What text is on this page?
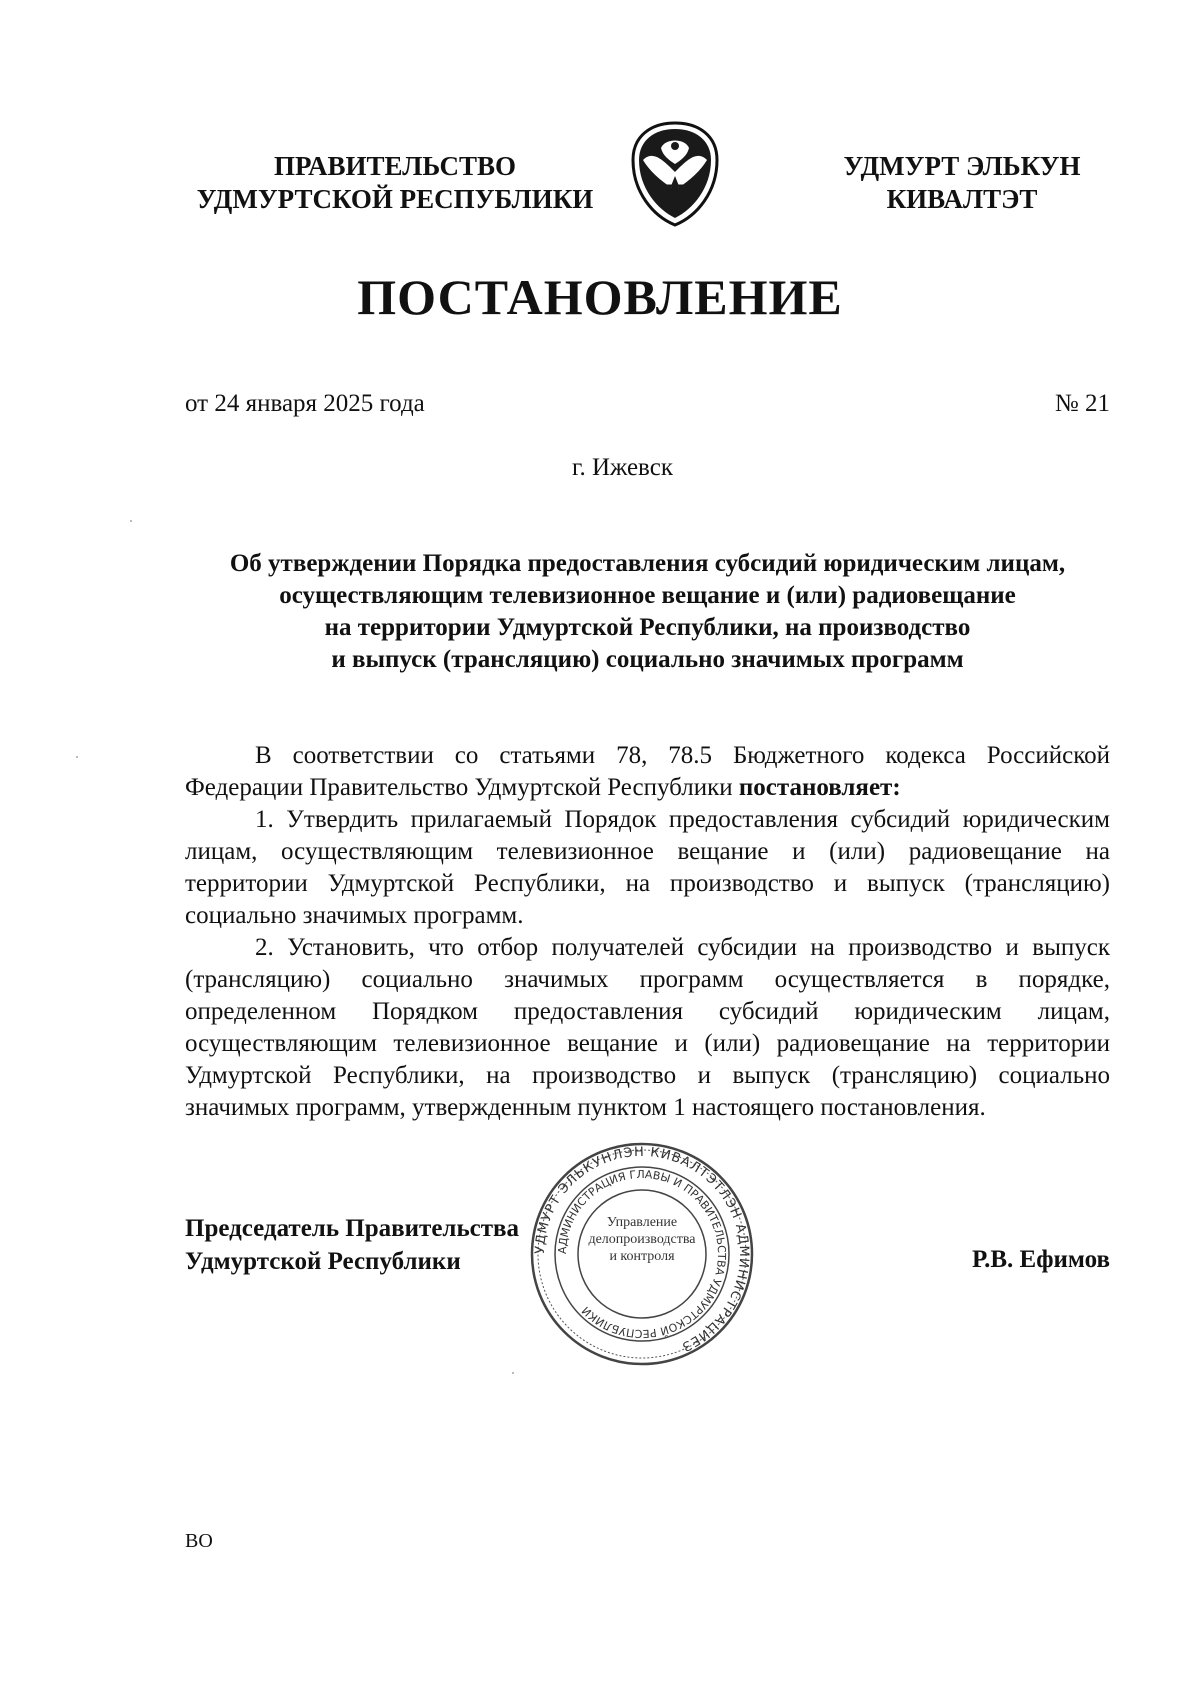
ПРАВИТЕЛЬСТВО
УДМУРТСКОЙ РЕСПУБЛИКИ
УДМУРТ ЭЛЬКУН
КИВАЛТЭТ
ПОСТАНОВЛЕНИЕ
от 24 января 2025 года	№ 21
г. Ижевск
Об утверждении Порядка предоставления субсидий юридическим лицам,
осуществляющим телевизионное вещание и (или) радиовещание
на территории Удмуртской Республики, на производство
и выпуск (трансляцию) социально значимых программ

В соответствии со статьями 78, 78.5 Бюджетного кодекса Российской Федерации Правительство Удмуртской Республики постановляет:

1. Утвердить прилагаемый Порядок предоставления субсидий юридическим лицам, осуществляющим телевизионное вещание и (или) радиовещание на территории Удмуртской Республики, на производство и выпуск (трансляцию) социально значимых программ.

2. Установить, что отбор получателей субсидии на производство и выпуск (трансляцию) социально значимых программ осуществляется в порядке, определенном Порядком предоставления субсидий юридическим лицам, осуществляющим телевизионное вещание и (или) радиовещание на территории Удмуртской Республики, на производство и выпуск (трансляцию) социально значимых программ, утвержденным пунктом 1 настоящего постановления.

УДМУРТ ЭЛЬКУНЛЭН КИВАЛТЭТЛЭН АДМИНИСТРАЦИЕЗ
АДМИНИСТРАЦИЯ ГЛАВЫ И ПРАВИТЕЛЬСТВА УДМУРТСКОЙ РЕСПУБЛИКИ
Управление
делопроизводства
и контроля
Председатель Правительства
Удмуртской Республики	Р.В. Ефимов
ВО
